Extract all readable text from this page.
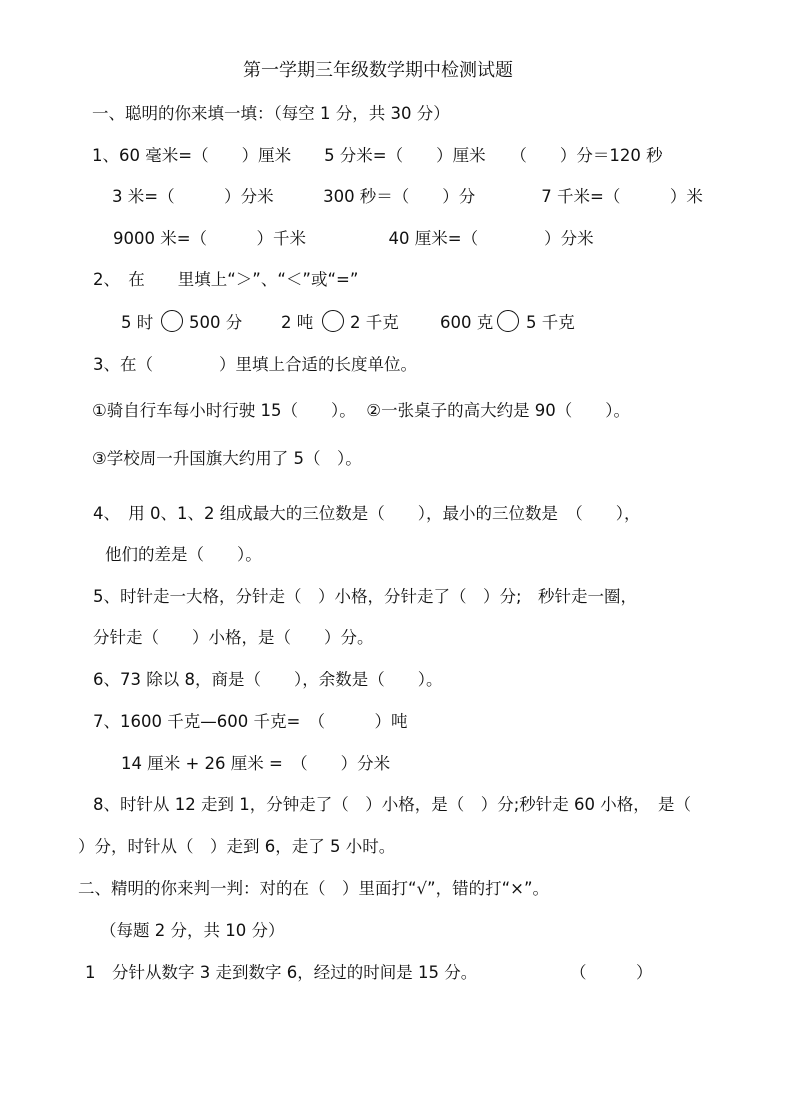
第一学期三年级数学期中检测试题
一、聪明的你来填一填：（每空 1 分，共 30 分）
1、60 毫米=（　　）厘米　　5 分米=（　　）厘米　　（　　）分＝120 秒
3 米=（　　　）分米　　　300 秒＝（　　）分　　　　7 千米=（　　　）米
9000 米=（　　　）千米　　　　　40 厘米=（　　　　）分米
2、　在　　里填上“＞”、“＜”或“=”
5 时 500 分 2 吨 2 千克	600 克 5 千克
3、在（　　　　）里填上合适的长度单位。
①骑自行车每小时行驶 15（　　）。  ②一张桌子的高大约是 90（　　）。
③学校周一升国旗大约用了 5（　）。
4、　用 0、1、2 组成最大的三位数是（　　），最小的三位数是　（　　），
他们的差是（　　）。
5、时针走一大格，分针走（　）小格，分针走了（　）分;　秒针走一圈，
分针走（　　）小格，是（　　）分。
6、73 除以 8，商是（　　），余数是（　　）。
7、1600 千克—600 千克=　（　　　）吨
14 厘米 + 26 厘米 =　（　　）分米
8、时针从 12 走到 1，分钟走了（　）小格，是（　）分;秒针走 60 小格，　是（
）分，时针从（　）走到 6，走了 5 小时。
二、精明的你来判一判：对的在（　）里面打“√”，错的打“×”。
（每题 2 分，共 10 分）
1　分针从数字 3 走到数字 6，经过的时间是 15 分。	（　　　）
